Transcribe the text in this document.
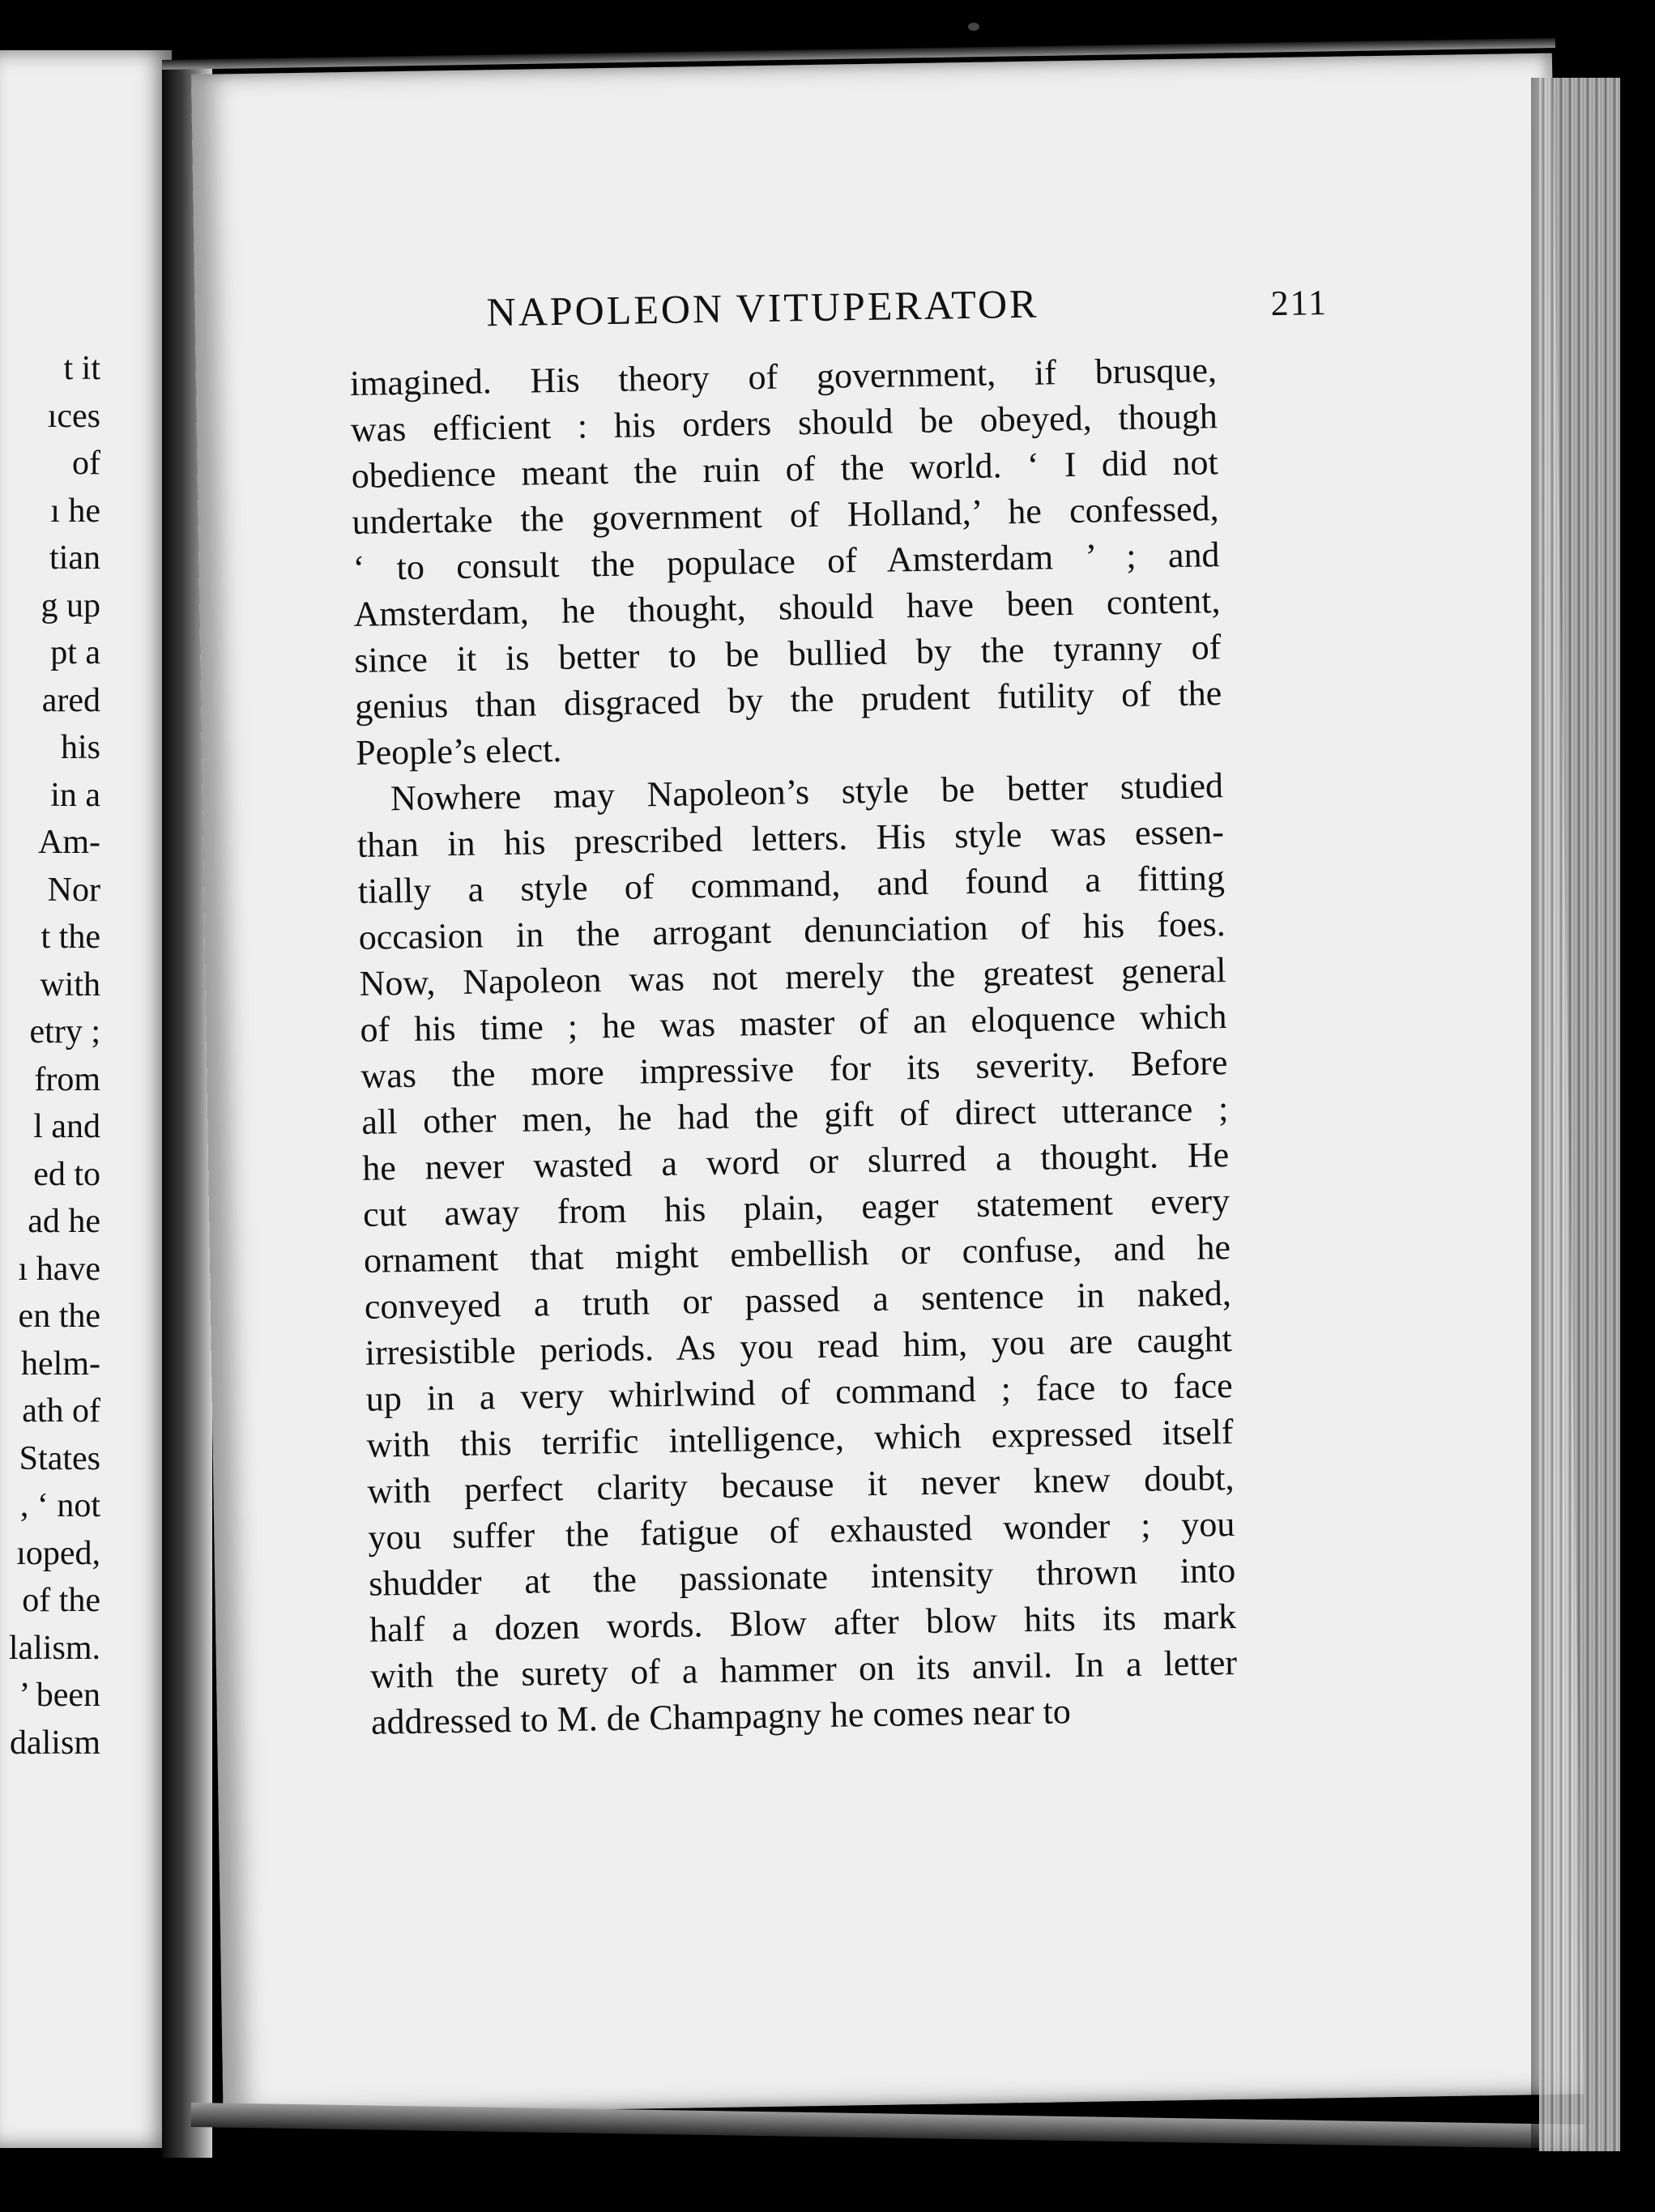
t it
ıces
of
ı he
tian
g up
pt a
ared
his
in a
Am-
Nor
t the
with
etry ;
from
l and
ed to
ad he
ı have
en the
helm-
ath of
States
, ‘ not
ıoped,
of the
lalism.
’ been
dalism
NAPOLEON VITUPERATOR	211
imagined. His theory of government, if brusque,
was efficient : his orders should be obeyed, though
obedience meant the ruin of the world. ‘ I did not
undertake the government of Holland,’ he confessed,
‘ to consult the populace of Amsterdam ’ ; and
Amsterdam, he thought, should have been content,
since it is better to be bullied by the tyranny of
genius than disgraced by the prudent futility of the
People’s elect.
Nowhere may Napoleon’s style be better studied
than in his prescribed letters. His style was essen-
tially a style of command, and found a fitting
occasion in the arrogant denunciation of his foes.
Now, Napoleon was not merely the greatest general
of his time ; he was master of an eloquence which
was the more impressive for its severity. Before
all other men, he had the gift of direct utterance ;
he never wasted a word or slurred a thought. He
cut away from his plain, eager statement every
ornament that might embellish or confuse, and he
conveyed a truth or passed a sentence in naked,
irresistible periods. As you read him, you are caught
up in a very whirlwind of command ; face to face
with this terrific intelligence, which expressed itself
with perfect clarity because it never knew doubt,
you suffer the fatigue of exhausted wonder ; you
shudder at the passionate intensity thrown into
half a dozen words. Blow after blow hits its mark
with the surety of a hammer on its anvil. In a letter
addressed to M. de Champagny he comes near to
